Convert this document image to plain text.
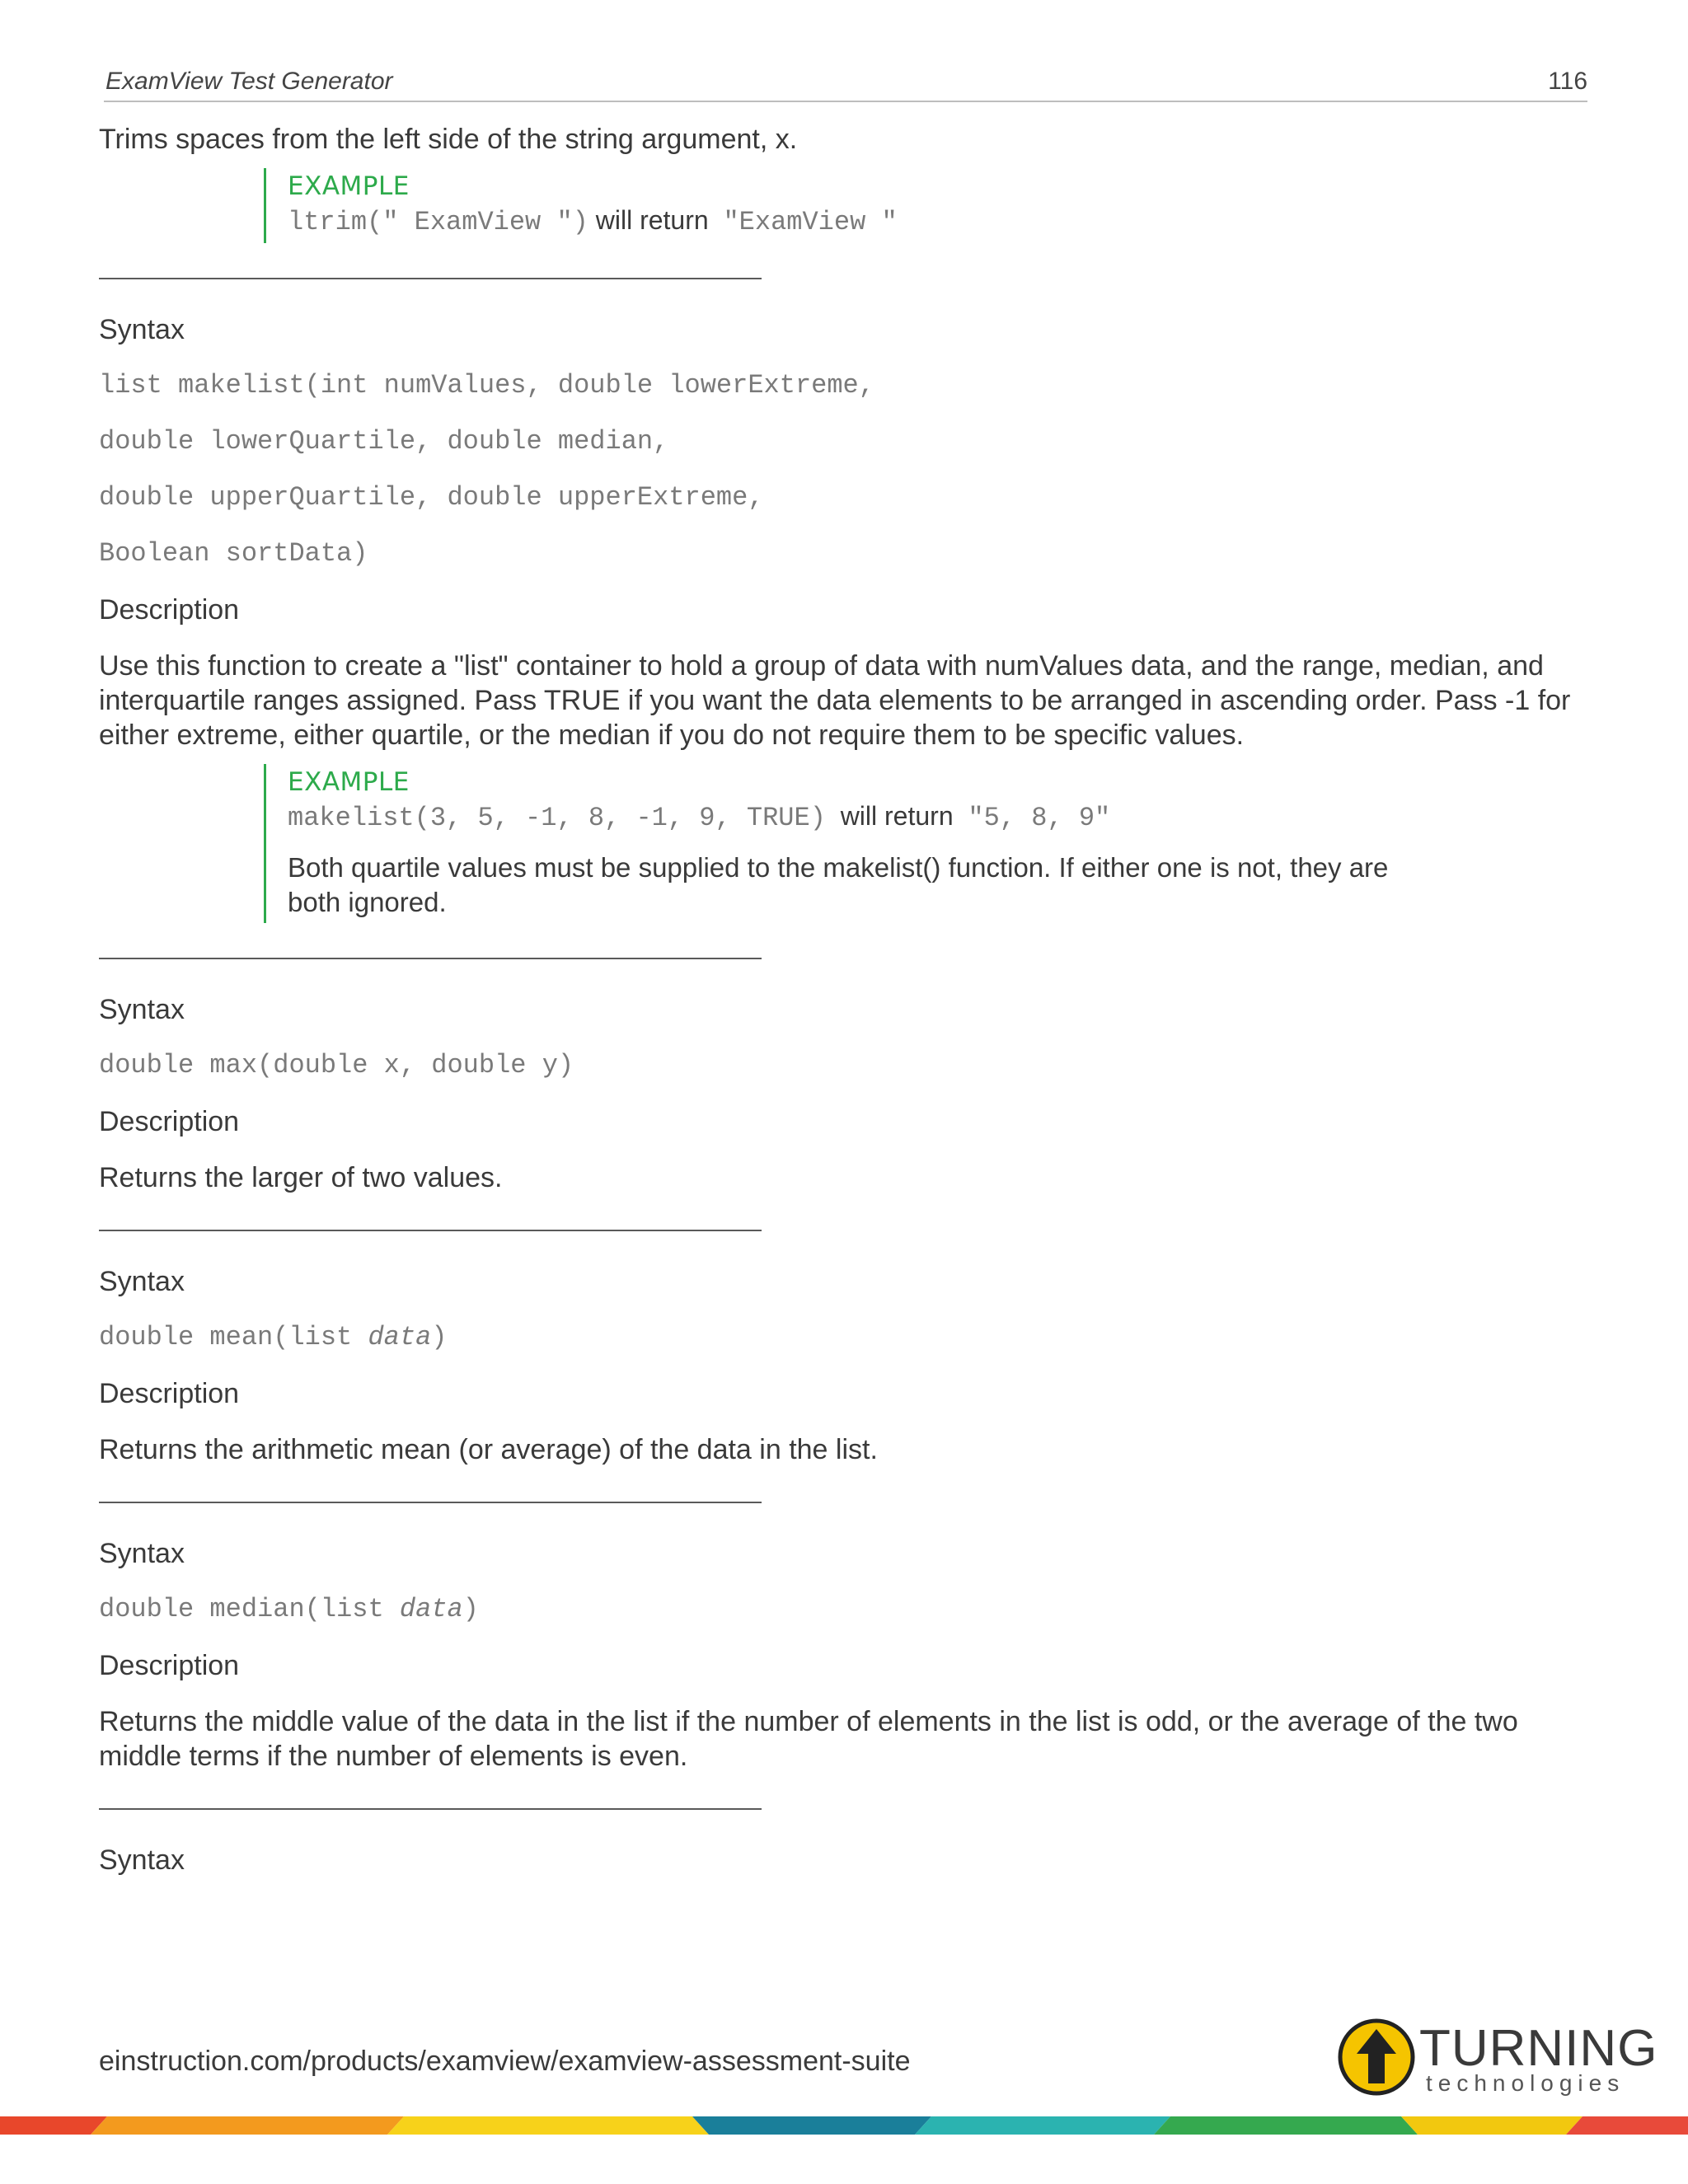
ExamView Test Generator	116

Trims spaces from the left side of the string argument, x.

EXAMPLE
ltrim(" ExamView ") will return "ExamView "

Syntax

list makelist(int numValues, double lowerExtreme,

double lowerQuartile, double median,

double upperQuartile, double upperExtreme,

Boolean sortData)

Description

Use this function to create a "list" container to hold a group of data with numValues data, and the range, median, and interquartile ranges assigned. Pass TRUE if you want the data elements to be arranged in ascending order. Pass -1 for either extreme, either quartile, or the median if you do not require them to be specific values.

EXAMPLE
makelist(3, 5, -1, 8, -1, 9, TRUE) will return "5, 8, 9"
Both quartile values must be supplied to the makelist() function. If either one is not, they are both ignored.

Syntax

double max(double x, double y)

Description

Returns the larger of two values.

Syntax

double mean(list data)

Description

Returns the arithmetic mean (or average) of the data in the list.

Syntax

double median(list data)

Description

Returns the middle value of the data in the list if the number of elements in the list is odd, or the average of the two middle terms if the number of elements is even.

Syntax

einstruction.com/products/examview/examview-assessment-suite	TURNING
technologies
